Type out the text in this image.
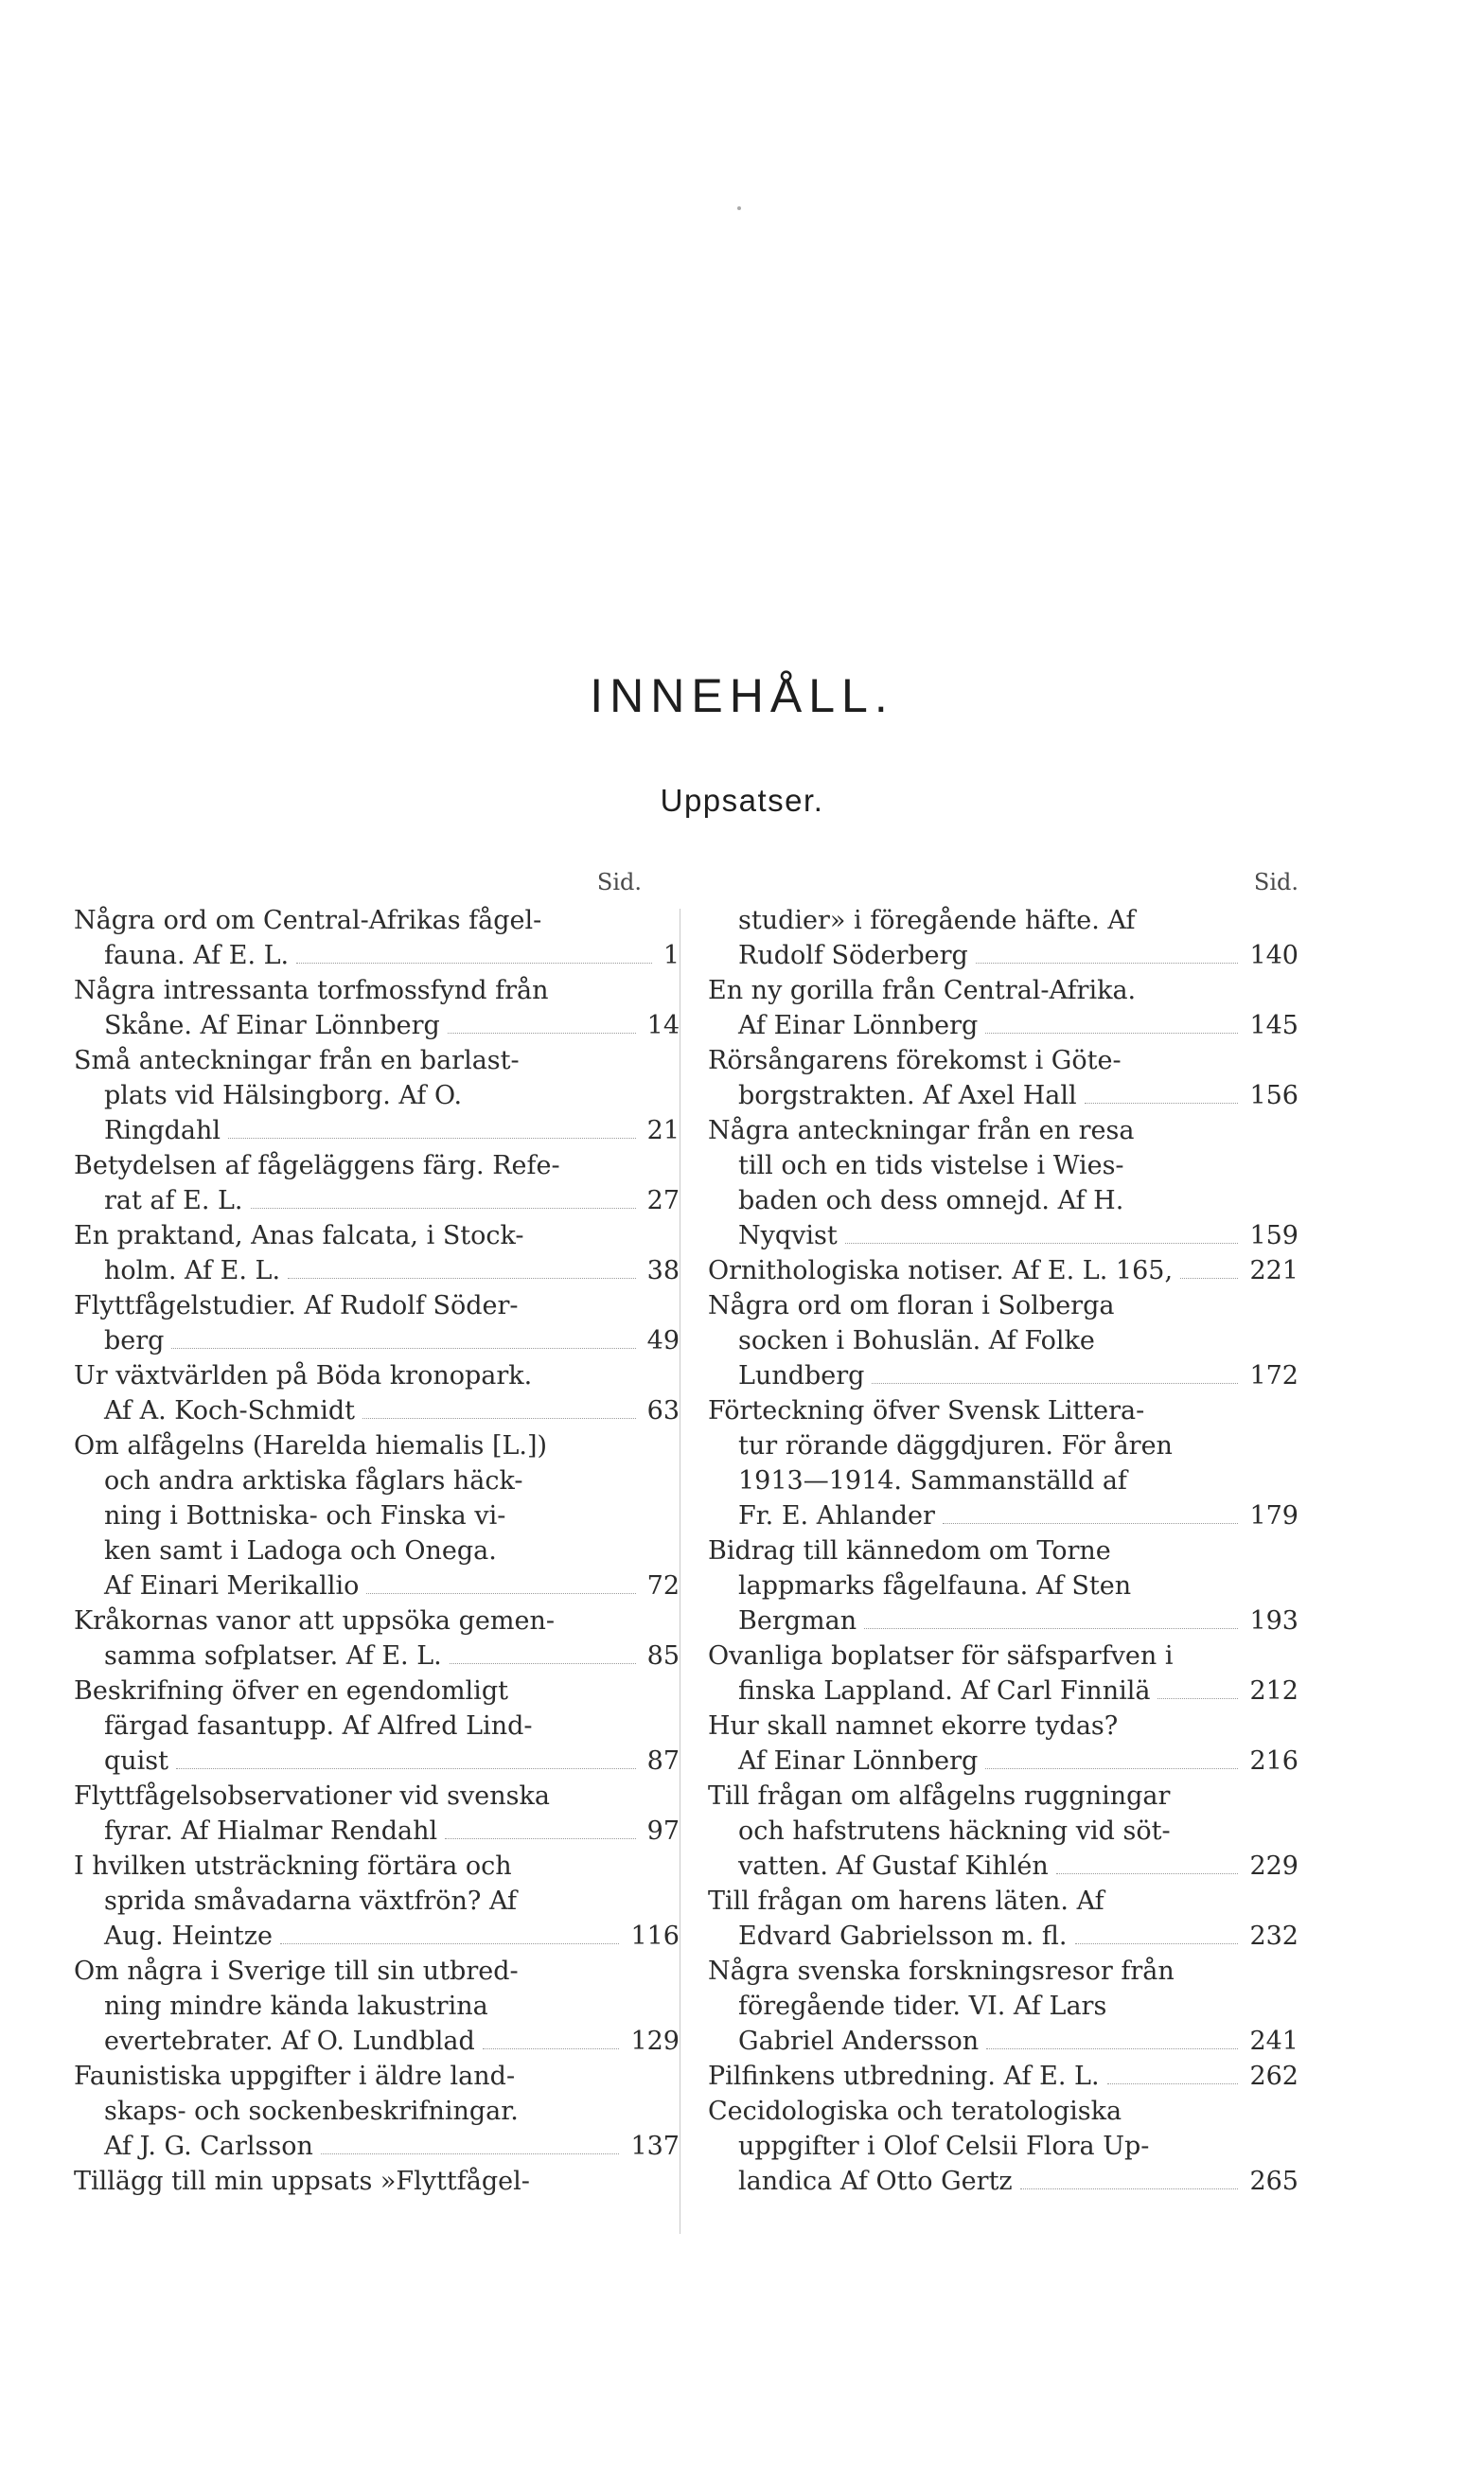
INNEHÅLL.
Uppsatser.
Sid.
Några ord om Central-Afrikas fågel-
fauna. Af E. L.	1
Några intressanta torfmossfynd från
Skåne. Af Einar Lönnberg	14
Små anteckningar från en barlast-
plats vid Hälsingborg. Af O.
Ringdahl	21
Betydelsen af fågeläggens färg. Refe-
rat af E. L.	27
En praktand, Anas falcata, i Stock-
holm. Af E. L.	38
Flyttfågelstudier. Af Rudolf Söder-
berg	49
Ur växtvärlden på Böda kronopark.
Af A. Koch-Schmidt	63
Om alfågelns (Harelda hiemalis [L.])
och andra arktiska fåglars häck-
ning i Bottniska- och Finska vi-
ken samt i Ladoga och Onega.
Af Einari Merikallio	72
Kråkornas vanor att uppsöka gemen-
samma sofplatser. Af E. L.	85
Beskrifning öfver en egendomligt
färgad fasantupp. Af Alfred Lind-
quist	87
Flyttfågelsobservationer vid svenska
fyrar. Af Hialmar Rendahl	97
I hvilken utsträckning förtära och
sprida småvadarna växtfrön? Af
Aug. Heintze	116
Om några i Sverige till sin utbred-
ning mindre kända lakustrina
evertebrater. Af O. Lundblad	129
Faunistiska uppgifter i äldre land-
skaps- och sockenbeskrifningar.
Af J. G. Carlsson	137
Tillägg till min uppsats »Flyttfågel-
Sid.
studier» i föregående häfte. Af
Rudolf Söderberg	140
En ny gorilla från Central-Afrika.
Af Einar Lönnberg	145
Rörsångarens förekomst i Göte-
borgstrakten. Af Axel Hall	156
Några anteckningar från en resa
till och en tids vistelse i Wies-
baden och dess omnejd. Af H.
Nyqvist	159
Ornithologiska notiser. Af E. L. 165,	221
Några ord om floran i Solberga
socken i Bohuslän. Af Folke
Lundberg	172
Förteckning öfver Svensk Littera-
tur rörande däggdjuren. För åren
1913—1914. Sammanställd af
Fr. E. Ahlander	179
Bidrag till kännedom om Torne
lappmarks fågelfauna. Af Sten
Bergman	193
Ovanliga boplatser för säfsparfven i
finska Lappland. Af Carl Finnilä	212
Hur skall namnet ekorre tydas?
Af Einar Lönnberg	216
Till frågan om alfågelns ruggningar
och hafstrutens häckning vid söt-
vatten. Af Gustaf Kihlén	229
Till frågan om harens läten. Af
Edvard Gabrielsson m. fl.	232
Några svenska forskningsresor från
föregående tider. VI. Af Lars
Gabriel Andersson	241
Pilfinkens utbredning. Af E. L.	262
Cecidologiska och teratologiska
uppgifter i Olof Celsii Flora Up-
landica Af Otto Gertz	265
